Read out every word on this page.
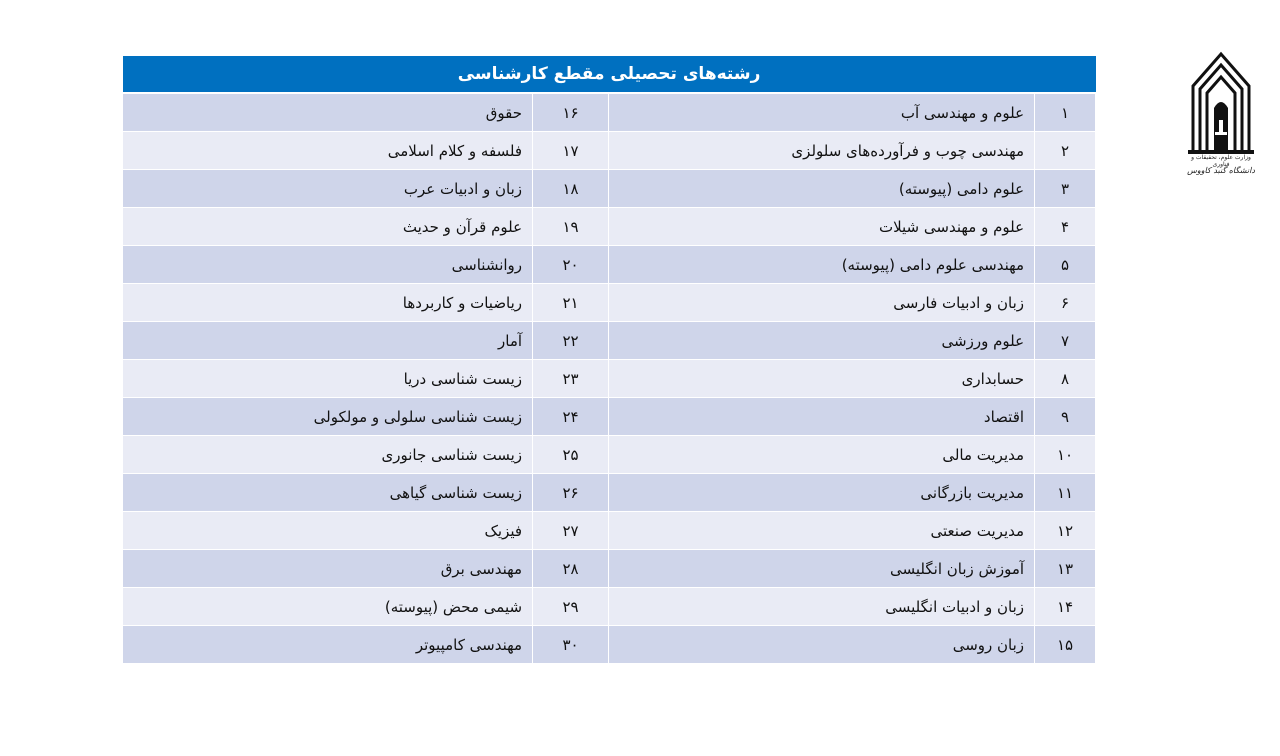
رشته‌های تحصیلی مقطع کارشناسی			
۱	علوم و مهندسی آب	۱۶	حقوق
۲	مهندسی چوب و فرآورده‌های سلولزی	۱۷	فلسفه و کلام اسلامی
۳	علوم دامی (پیوسته)	۱۸	زبان و ادبیات عرب
۴	علوم و مهندسی شیلات	۱۹	علوم قرآن و حدیث
۵	مهندسی علوم دامی (پیوسته)	۲۰	روانشناسی
۶	زبان و ادبیات فارسی	۲۱	ریاضیات و کاربردها
۷	علوم ورزشی	۲۲	آمار
۸	حسابداری	۲۳	زیست شناسی دریا
۹	اقتصاد	۲۴	زیست شناسی سلولی و مولکولی
۱۰	مدیریت مالی	۲۵	زیست شناسی جانوری
۱۱	مدیریت بازرگانی	۲۶	زیست شناسی گیاهی
۱۲	مدیریت صنعتی	۲۷	فیزیک
۱۳	آموزش زبان انگلیسی	۲۸	مهندسی برق
۱۴	زبان و ادبیات انگلیسی	۲۹	شیمی محض (پیوسته)
۱۵	زبان روسی	۳۰	مهندسی کامپیوتر
وزارت علوم، تحقیقات و فناوری
دانشگاه گنبد کاووس
